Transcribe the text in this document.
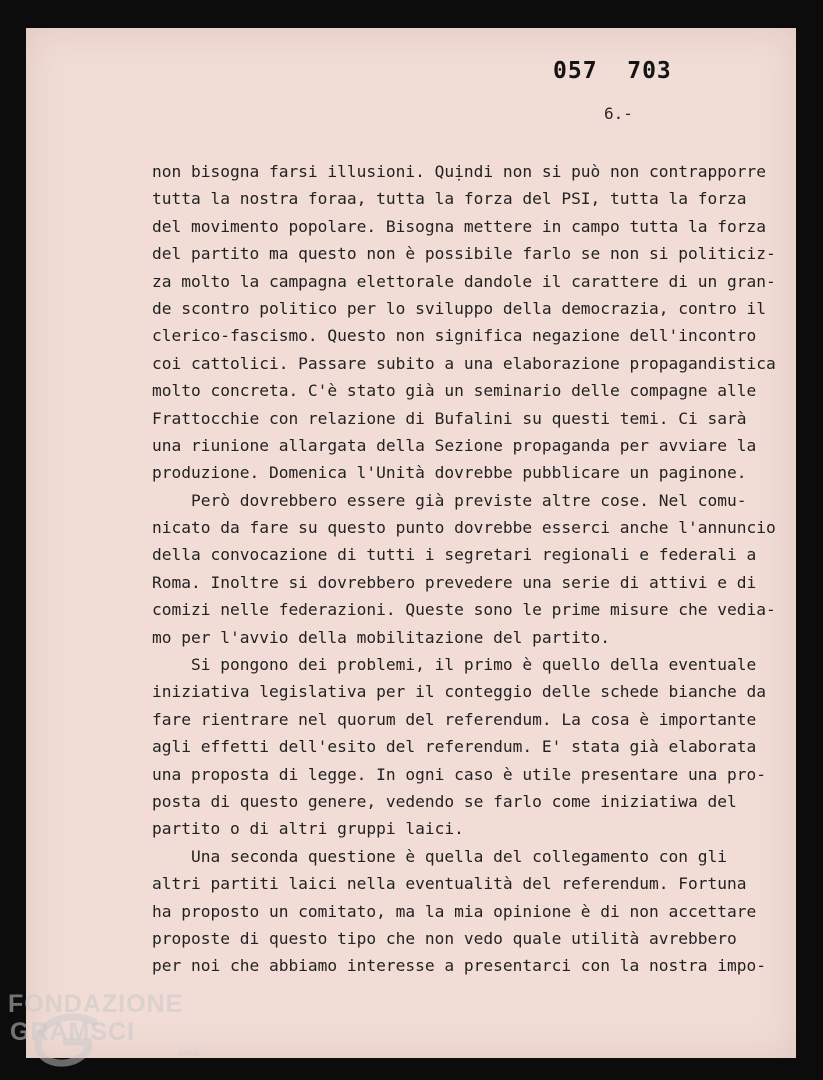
057  703
6.-
non bisogna farsi illusioni. Quịndi non si può non contrapporre
tutta la nostra foraa, tutta la forza del PSI, tutta la forza
del movimento popolare. Bisogna mettere in campo tutta la forza
del partito ma questo non è possibile farlo se non si politiciz-
za molto la campagna elettorale dandole il carattere di un gran-
de scontro politico per lo sviluppo della democrazia, contro il
clerico-fascismo. Questo non significa negazione dell'incontro
coi cattolici. Passare subito a una elaborazione propagandistica
molto concreta. C'è stato già un seminario delle compagne alle
Frattocchie con relazione di Bufalini su questi temi. Ci sarà
una riunione allargata della Sezione propaganda per avviare la
produzione. Domenica l'Unità dovrebbe pubblicare un paginone.
Però dovrebbero essere già previste altre cose. Nel comu-
nicato da fare su questo punto dovrebbe esserci anche l'annuncio
della convocazione di tutti i segretari regionali e federali a
Roma. Inoltre si dovrebbero prevedere una serie di attivi e di
comizi nelle federazioni. Queste sono le prime misure che vedia-
mo per l'avvio della mobilitazione del partito.
Si pongono dei problemi, il primo è quello della eventuale
iniziativa legislativa per il conteggio delle schede bianche da
fare rientrare nel quorum del referendum. La cosa è importante
agli effetti dell'esito del referendum. E' stata già elaborata
una proposta di legge. In ogni caso è utile presentare una pro-
posta di questo genere, vedendo se farlo come iniziatiwa del
partito o di altri gruppi laici.
Una seconda questione è quella del collegamento con gli
altri partiti laici nella eventualità del referendum. Fortuna
ha proposto un comitato, ma la mia opinione è di non accettare
proposte di questo tipo che non vedo quale utilità avrebbero
per noi che abbiamo interesse a presentarci con la nostra impo-
FONDAZIONE
GRAMSCI
onlus
